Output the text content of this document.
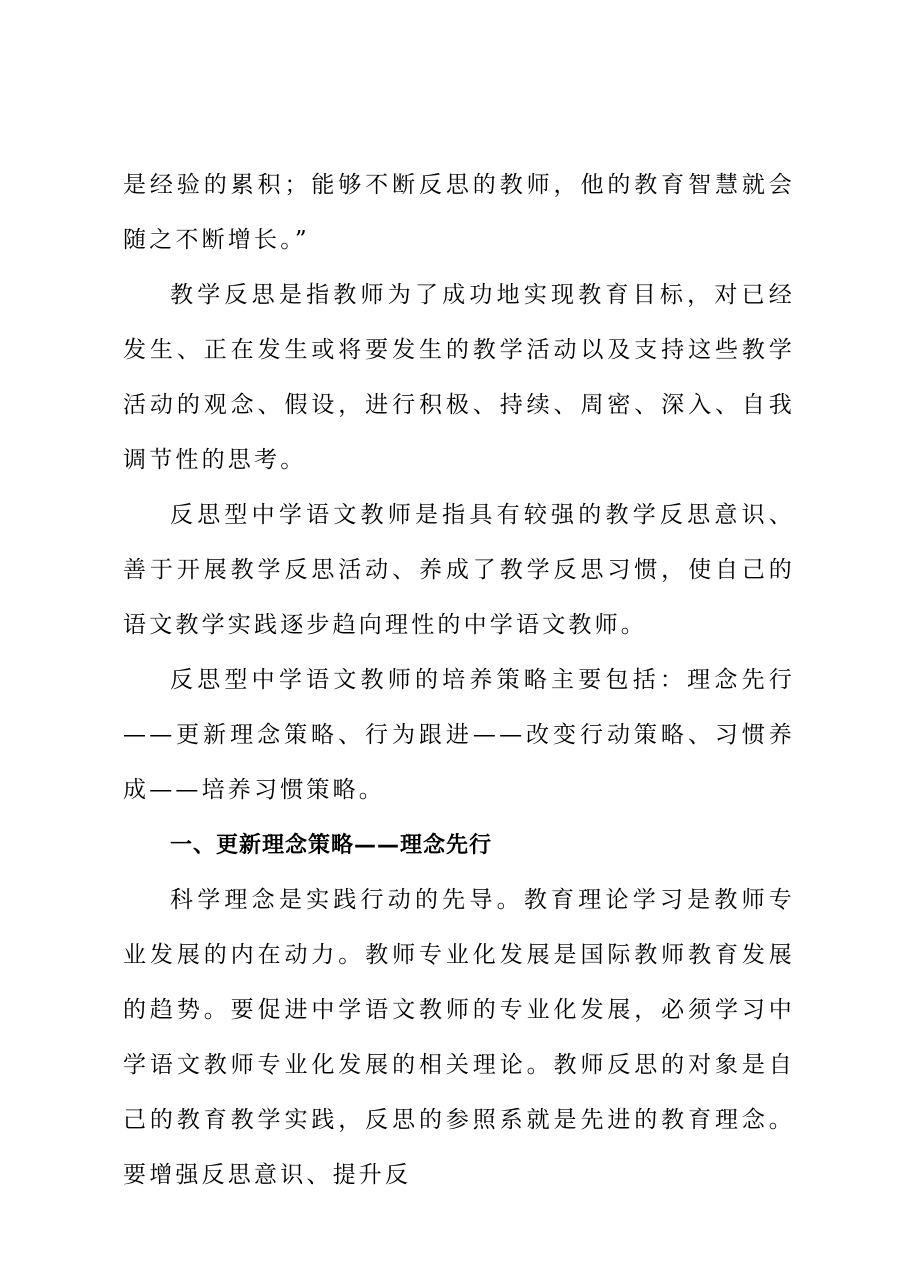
是经验的累积；能够不断反思的教师，他的教育智慧就会随之不断增长。”

教学反思是指教师为了成功地实现教育目标，对已经发生、正在发生或将要发生的教学活动以及支持这些教学活动的观念、假设，进行积极、持续、周密、深入、自我调节性的思考。

反思型中学语文教师是指具有较强的教学反思意识、善于开展教学反思活动、养成了教学反思习惯，使自己的语文教学实践逐步趋向理性的中学语文教师。

反思型中学语文教师的培养策略主要包括：理念先行——更新理念策略、行为跟进——改变行动策略、习惯养成——培养习惯策略。

一、更新理念策略——理念先行

科学理念是实践行动的先导。教育理论学习是教师专业发展的内在动力。教师专业化发展是国际教师教育发展的趋势。要促进中学语文教师的专业化发展，必须学习中学语文教师专业化发展的相关理论。教师反思的对象是自己的教育教学实践，反思的参照系就是先进的教育理念。要增强反思意识、提升反
